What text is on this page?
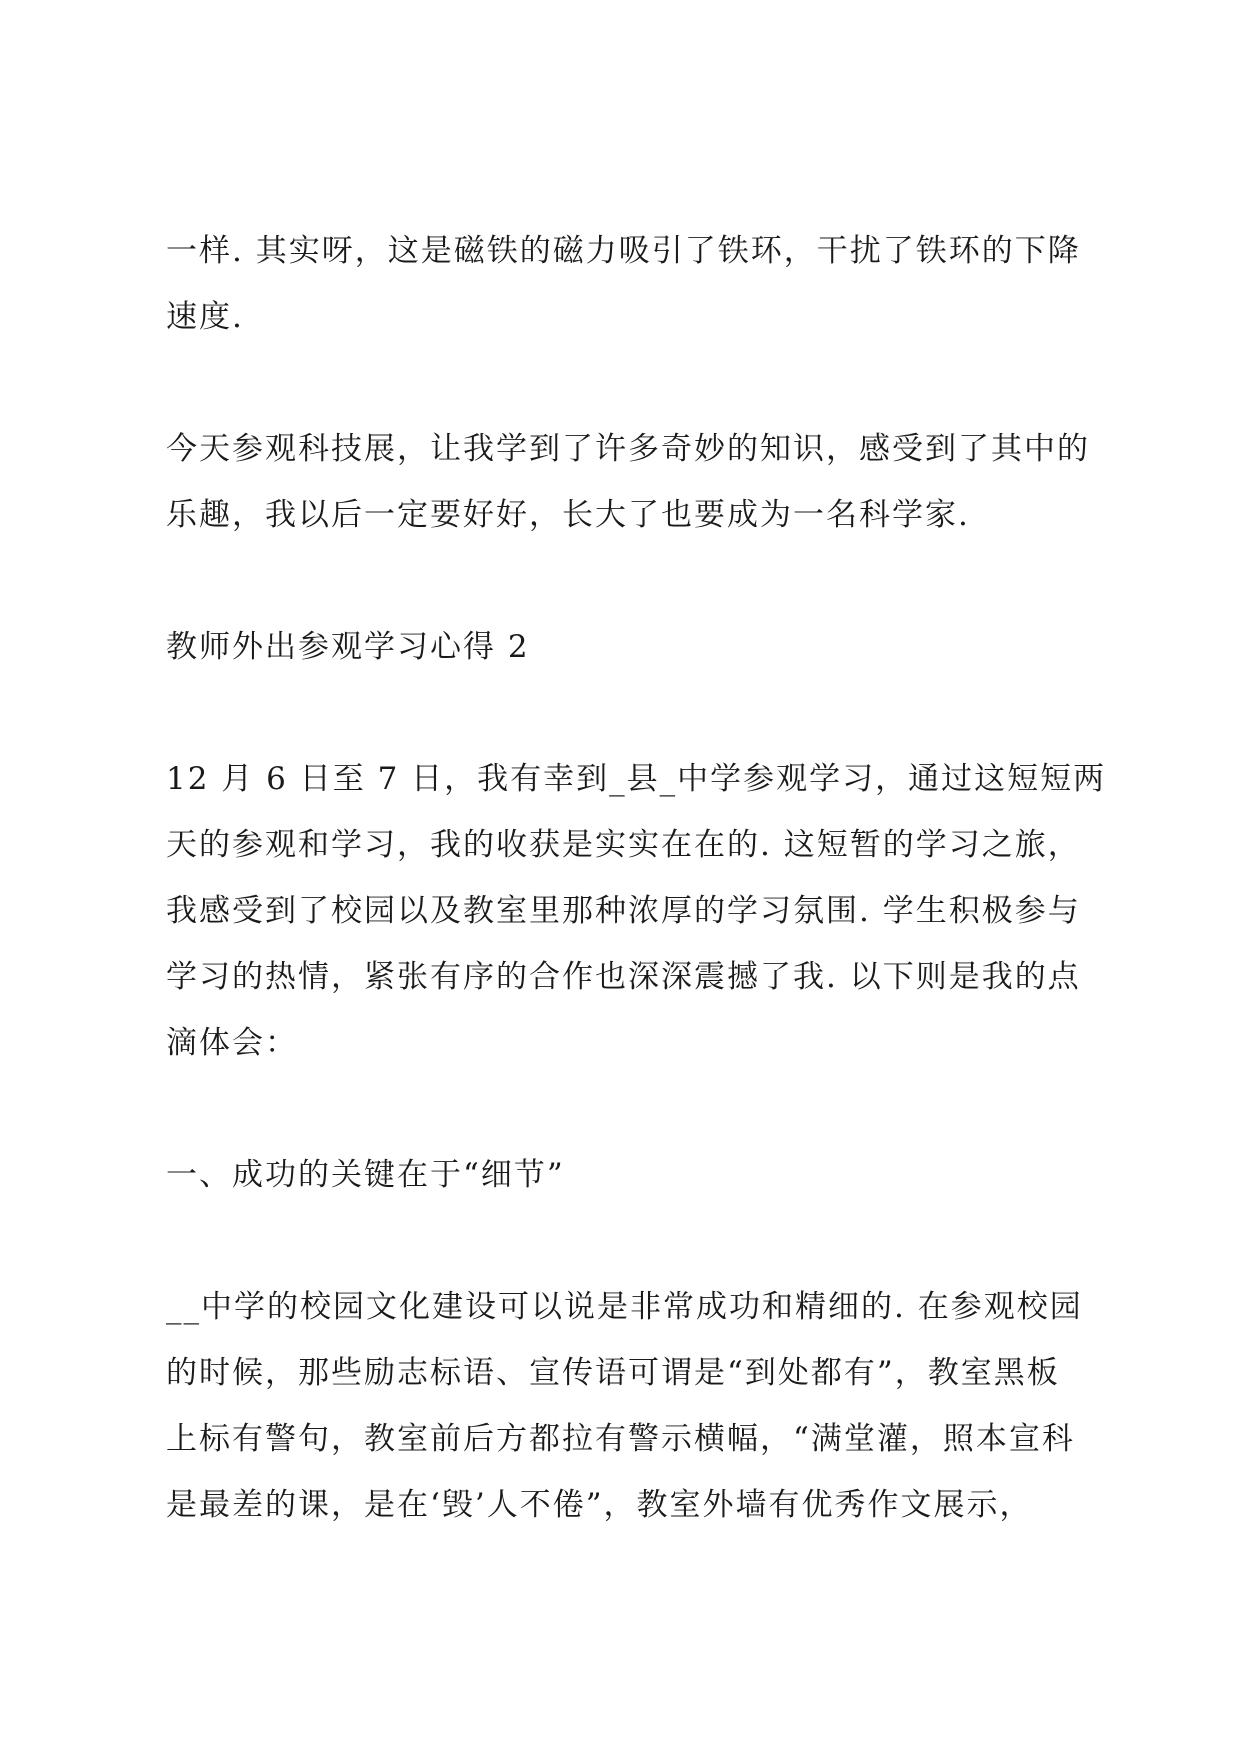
一样. 其实呀，这是磁铁的磁力吸引了铁环，干扰了铁环的下降
速度.

今天参观科技展，让我学到了许多奇妙的知识，感受到了其中的
乐趣，我以后一定要好好，长大了也要成为一名科学家.

教师外出参观学习心得 2

12 月 6 日至 7 日，我有幸到_县_中学参观学习，通过这短短两
天的参观和学习，我的收获是实实在在的. 这短暂的学习之旅，
我感受到了校园以及教室里那种浓厚的学习氛围. 学生积极参与
学习的热情，紧张有序的合作也深深震撼了我. 以下则是我的点
滴体会：

一、成功的关键在于“细节”

__中学的校园文化建设可以说是非常成功和精细的. 在参观校园
的时候，那些励志标语、宣传语可谓是“到处都有”，教室黑板
上标有警句，教室前后方都拉有警示横幅，“满堂灌，照本宣科
是最差的课，是在‘毁’人不倦”，教室外墙有优秀作文展示，
